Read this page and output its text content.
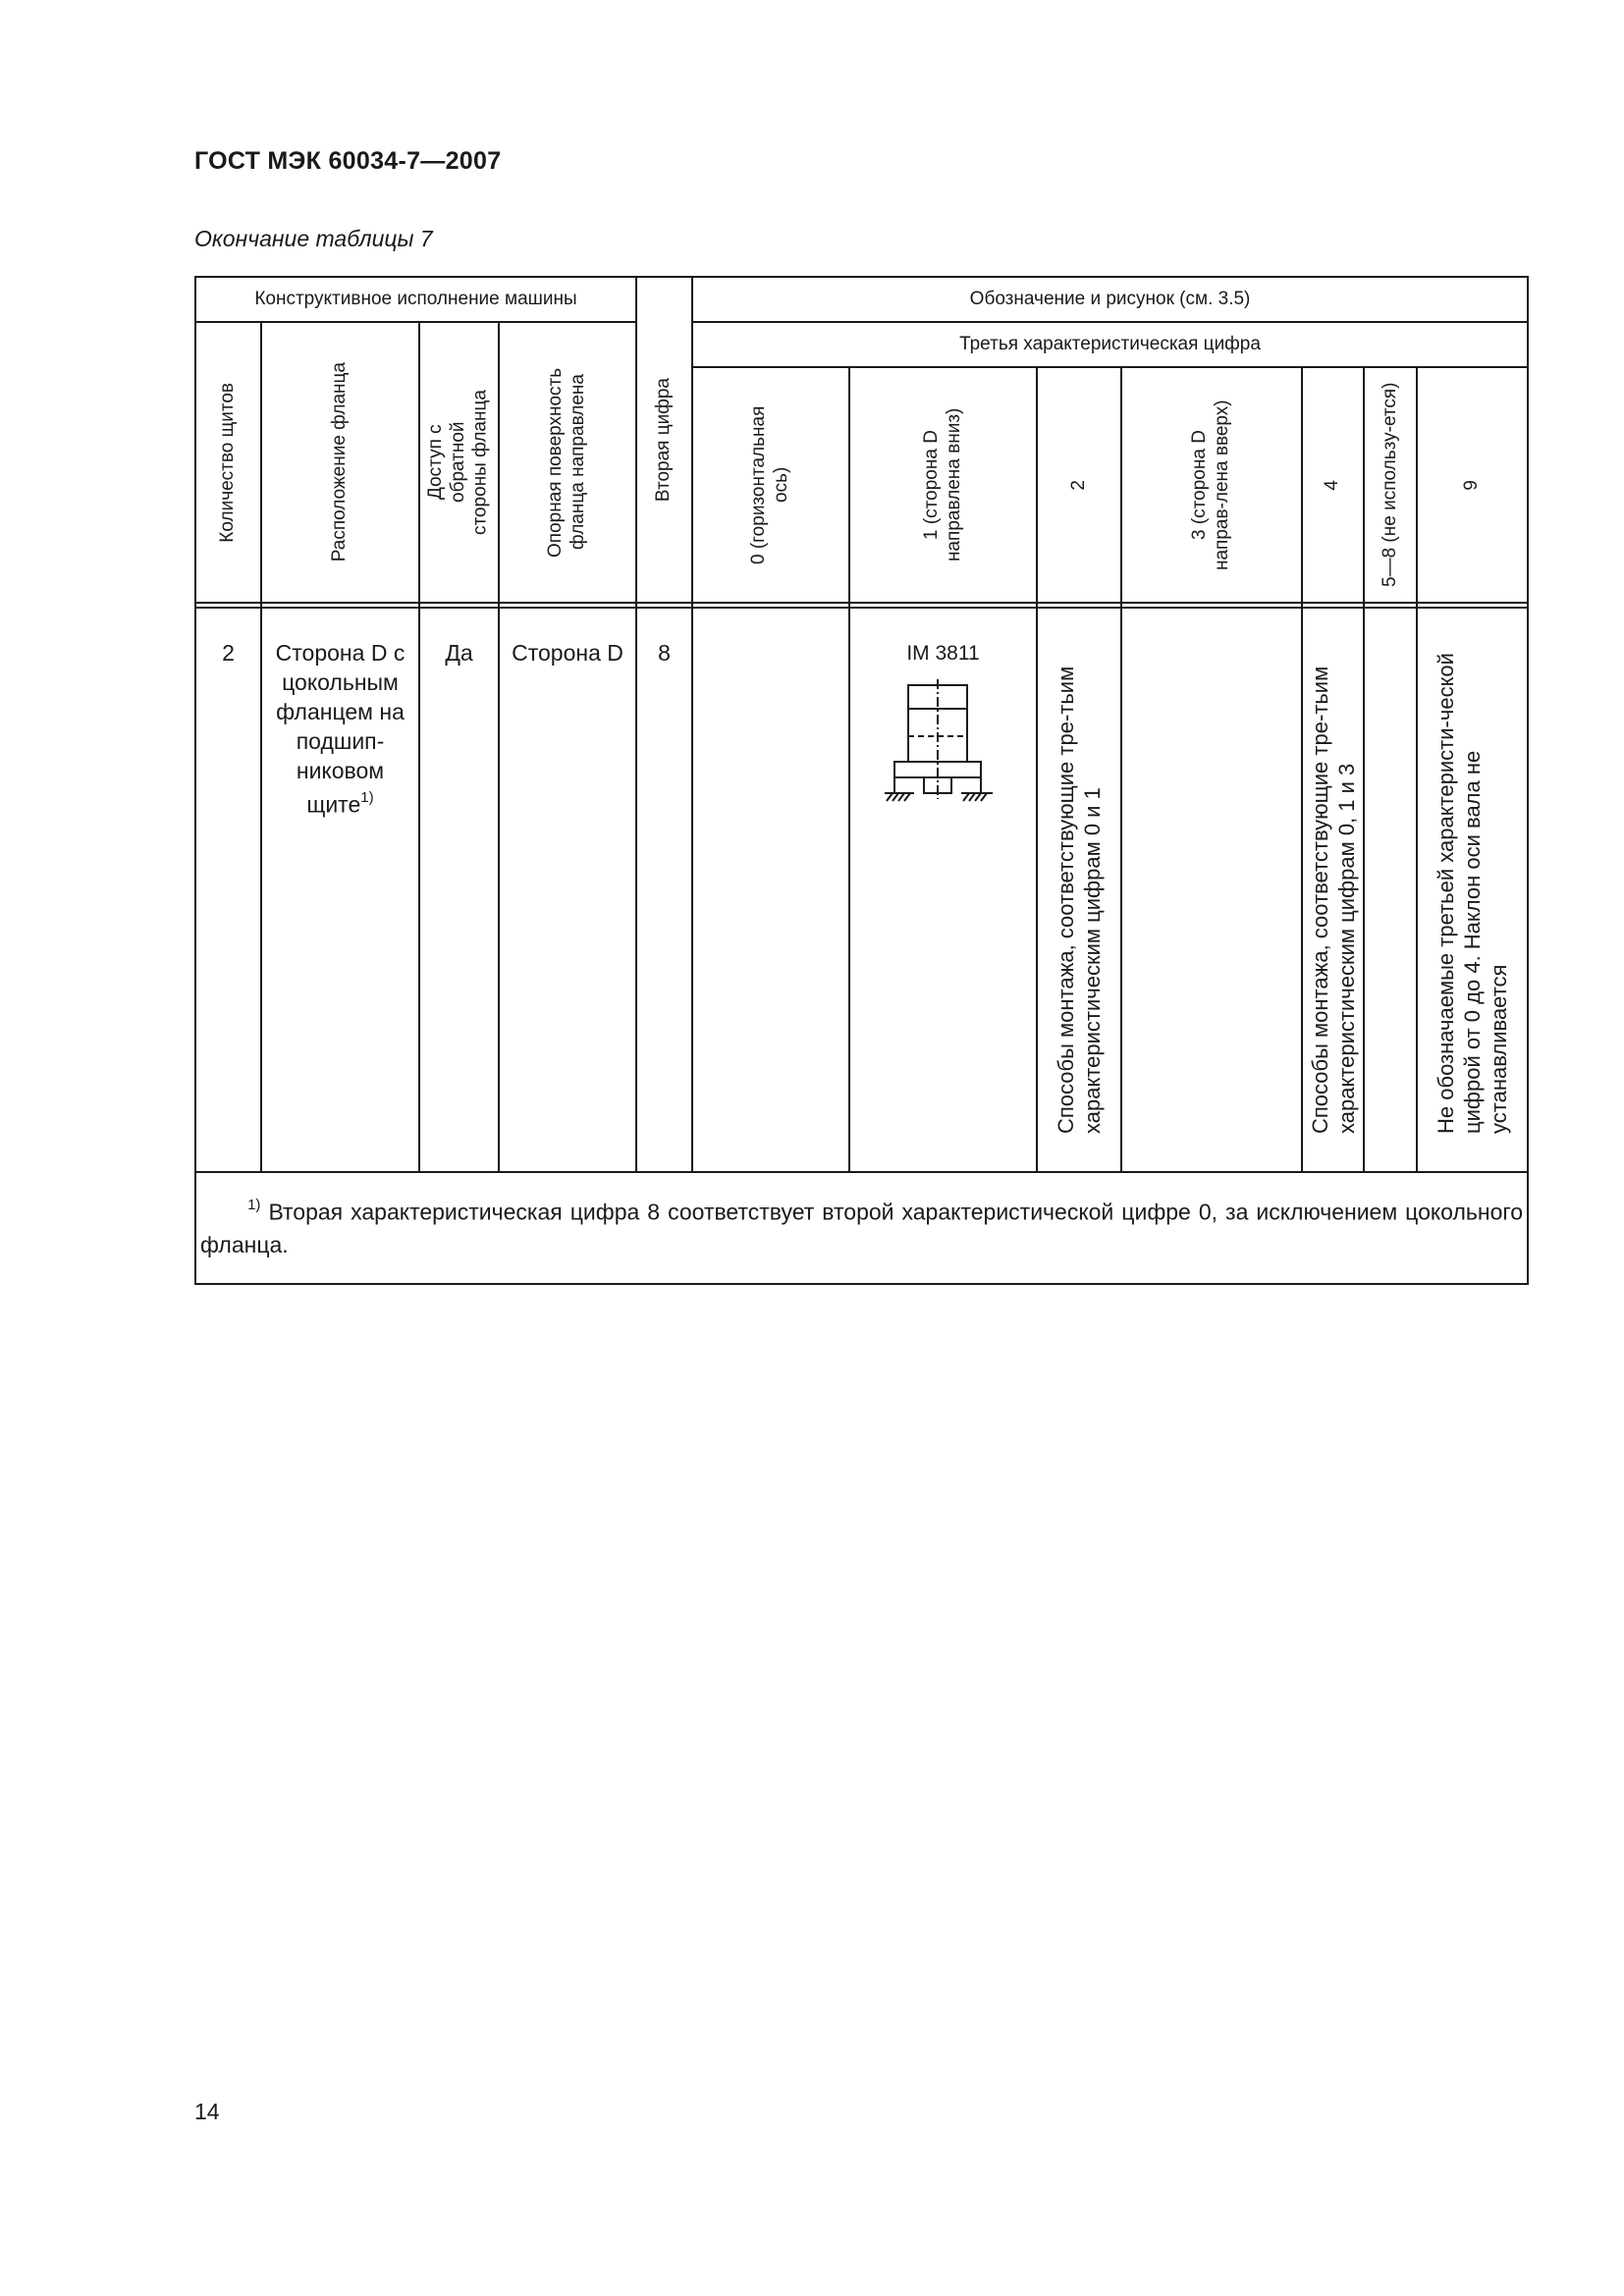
ГОСТ МЭК 60034-7—2007
Окончание таблицы 7
Конструктивное исполнение машины				Вторая цифра	Обозначение и рисунок (см. 3.5)						

Количество щитов	Расположение фланца	Доступ с обратной стороны фланца	Опорная поверхность фланца направлена		Третья характеристическая цифра						

					0 (горизонтальная ось)	1 (сторона D направлена вниз)	2	3 (сторона D направ-лена вверх)	4	5—8 (не использу-ется)	9

2	Сторона D с цокольным фланцем на подшип-никовом щите$^{1)}$	Да	Сторона D	8		IM 3811	Способы монтажа, соответствующие тре-тьим характеристическим цифрам 0 и 1		Способы монтажа, соответствующие тре-тьим характеристическим цифрам 0, 1 и 3		Не обозначаемые третьей характеристи-ческой цифрой от 0 до 4. Наклон оси вала не устанавливается

$^{1)}$ Вторая характеристическая цифра 8 соответствует второй характеристической цифре 0, за исключением цокольного фланца.											
14
